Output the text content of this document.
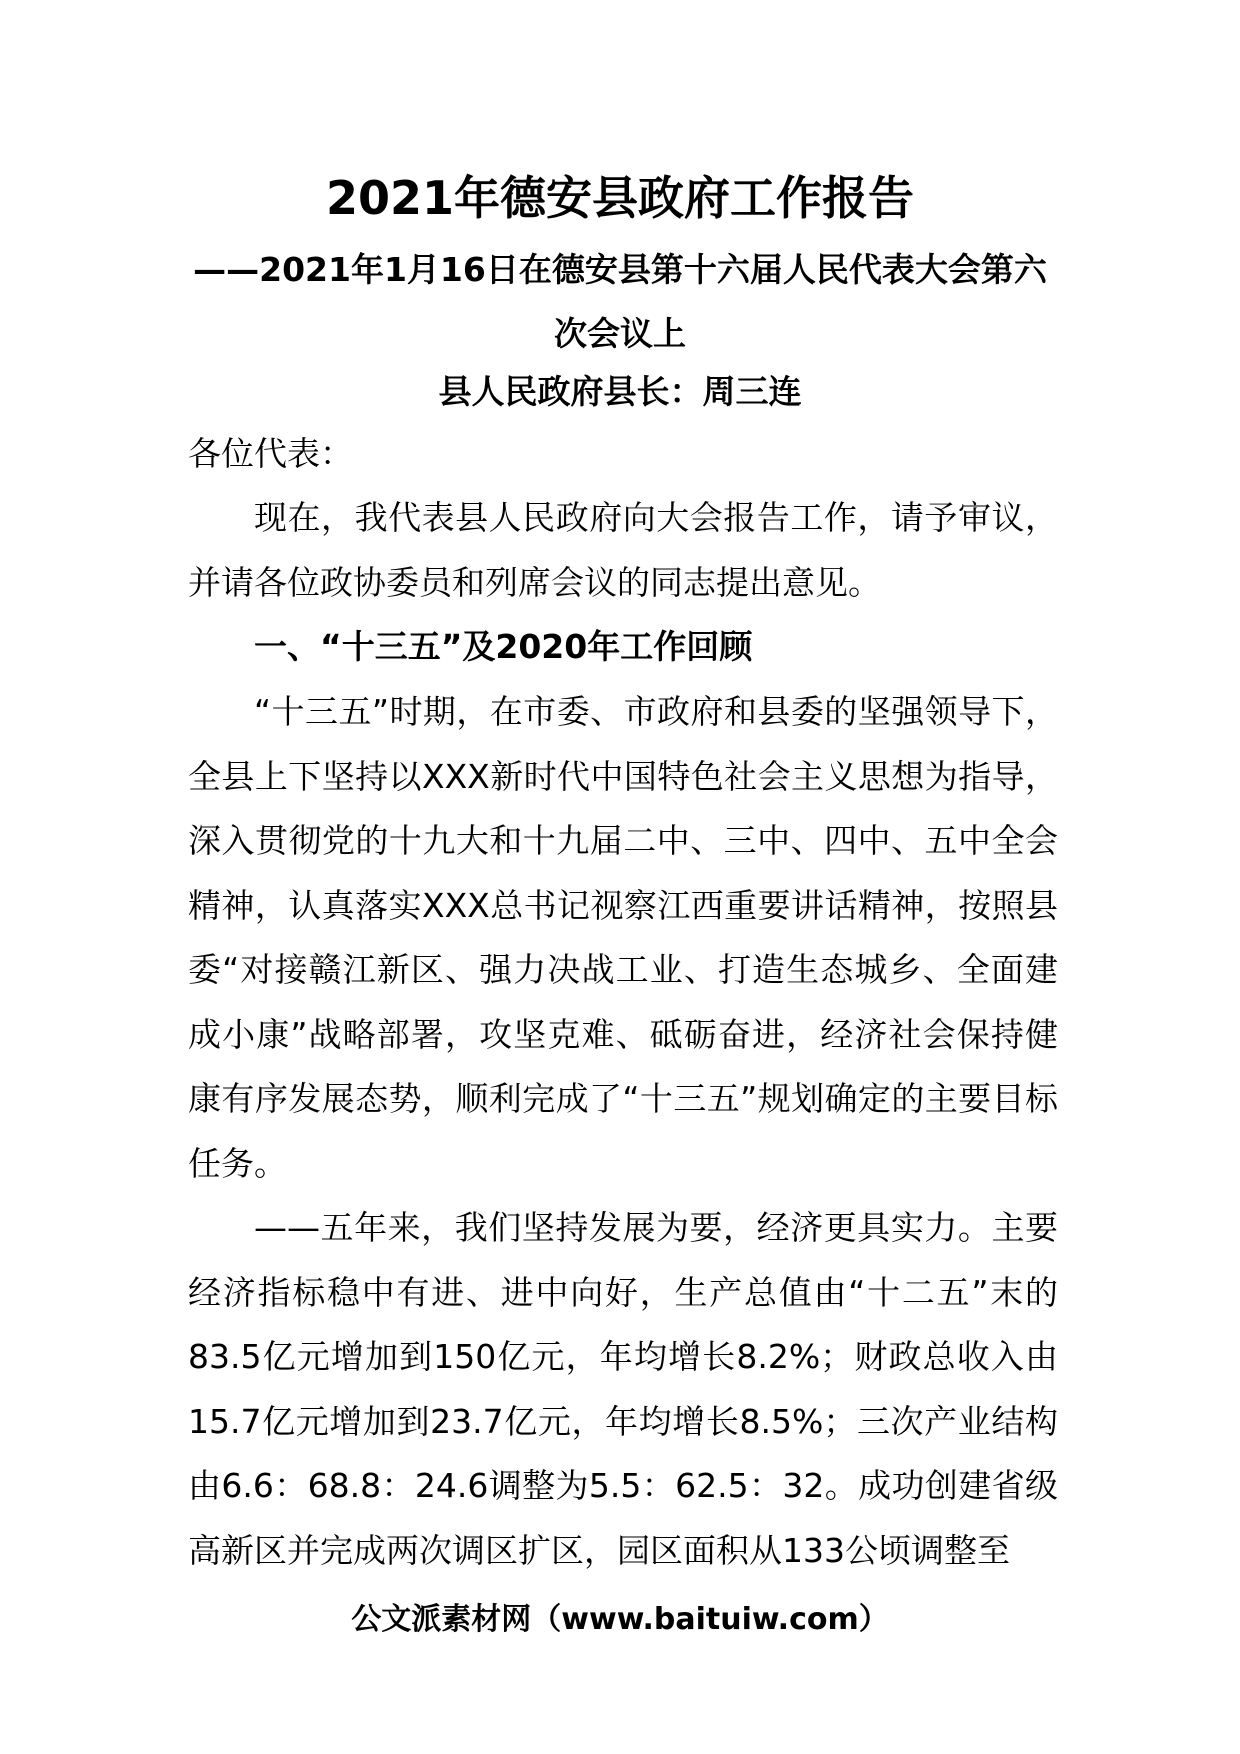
2021年德安县政府工作报告
——2021年1月16日在德安县第十六届人民代表大会第六次会议上
县人民政府县长：周三连

各位代表：

现在，我代表县人民政府向大会报告工作，请予审议，并请各位政协委员和列席会议的同志提出意见。

一、“十三五”及2020年工作回顾

“十三五”时期，在市委、市政府和县委的坚强领导下，全县上下坚持以XXX新时代中国特色社会主义思想为指导，深入贯彻党的十九大和十九届二中、三中、四中、五中全会精神，认真落实XXX总书记视察江西重要讲话精神，按照县委“对接赣江新区、强力决战工业、打造生态城乡、全面建成小康”战略部署，攻坚克难、砥砺奋进，经济社会保持健康有序发展态势，顺利完成了“十三五”规划确定的主要目标任务。

——五年来，我们坚持发展为要，经济更具实力。主要经济指标稳中有进、进中向好，生产总值由“十二五”末的83.5亿元增加到150亿元，年均增长8.2%；财政总收入由15.7亿元增加到23.7亿元，年均增长8.5%；三次产业结构由6.6：68.8：24.6调整为5.5：62.5：32。成功创建省级高新区并完成两次调区扩区，园区面积从133公顷调整至

公文派素材网（www.baituiw.com）
